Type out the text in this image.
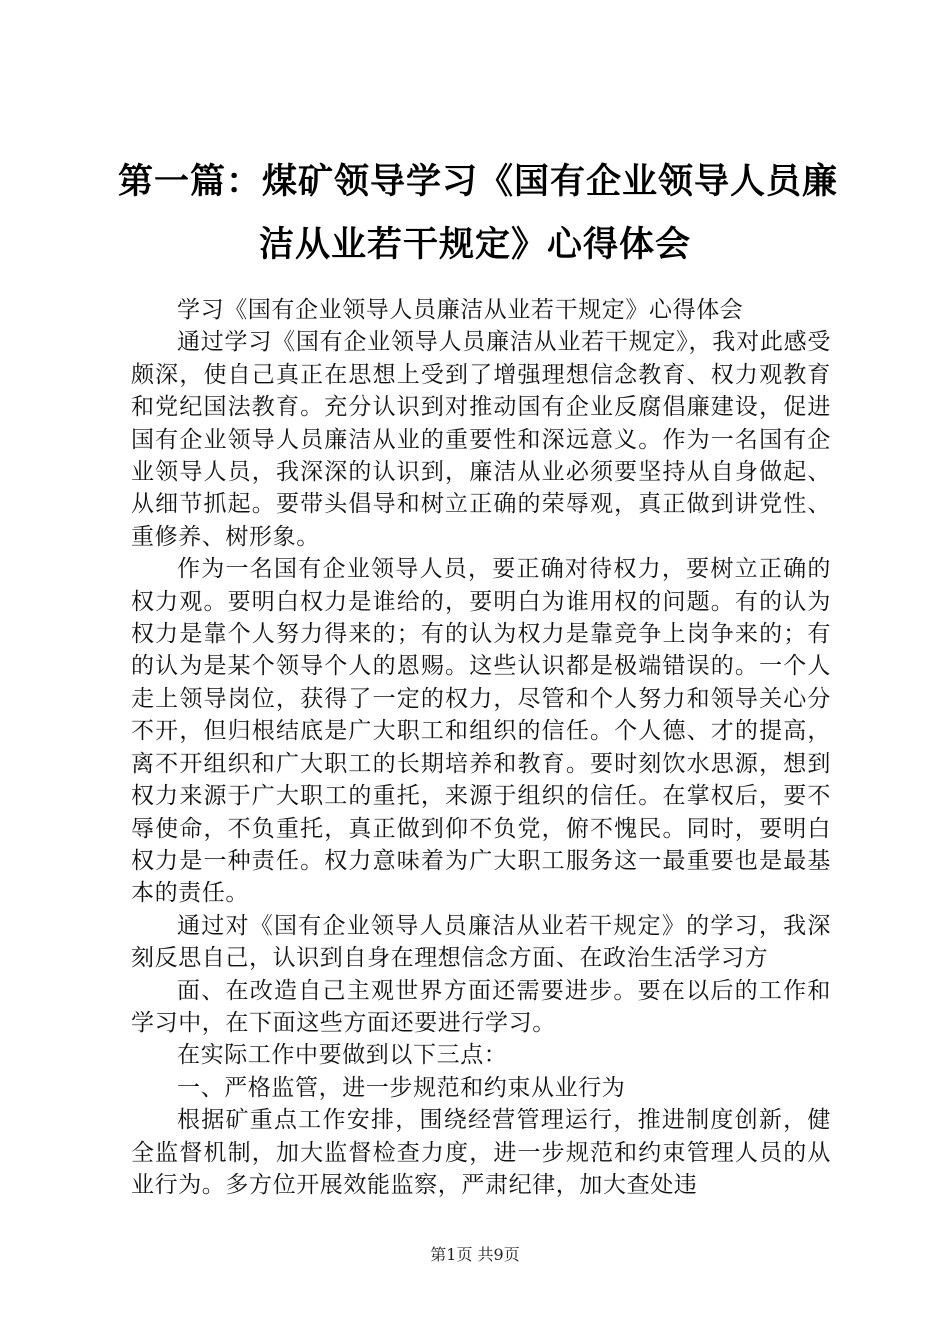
第一篇：煤矿领导学习《国有企业领导人员廉
洁从业若干规定》心得体会

学习《国有企业领导人员廉洁从业若干规定》心得体会

通过学习《国有企业领导人员廉洁从业若干规定》，我对此感受颇深，使自己真正在思想上受到了增强理想信念教育、权力观教育和党纪国法教育。充分认识到对推动国有企业反腐倡廉建设，促进国有企业领导人员廉洁从业的重要性和深远意义。作为一名国有企业领导人员，我深深的认识到，廉洁从业必须要坚持从自身做起、从细节抓起。要带头倡导和树立正确的荣辱观，真正做到讲党性、重修养、树形象。

作为一名国有企业领导人员，要正确对待权力，要树立正确的权力观。要明白权力是谁给的，要明白为谁用权的问题。有的认为权力是靠个人努力得来的；有的认为权力是靠竞争上岗争来的；有的认为是某个领导个人的恩赐。这些认识都是极端错误的。一个人走上领导岗位，获得了一定的权力，尽管和个人努力和领导关心分不开，但归根结底是广大职工和组织的信任。个人德、才的提高，离不开组织和广大职工的长期培养和教育。要时刻饮水思源，想到权力来源于广大职工的重托，来源于组织的信任。在掌权后，要不辱使命，不负重托，真正做到仰不负党，俯不愧民。同时，要明白权力是一种责任。权力意味着为广大职工服务这一最重要也是最基本的责任。

通过对《国有企业领导人员廉洁从业若干规定》的学习，我深刻反思自己，认识到自身在理想信念方面、在政治生活学习方

面、在改造自己主观世界方面还需要进步。要在以后的工作和学习中，在下面这些方面还要进行学习。

在实际工作中要做到以下三点：

一、严格监管，进一步规范和约束从业行为

根据矿重点工作安排，围绕经营管理运行，推进制度创新，健全监督机制，加大监督检查力度，进一步规范和约束管理人员的从业行为。多方位开展效能监察，严肃纪律，加大查处违

第1页 共9页
